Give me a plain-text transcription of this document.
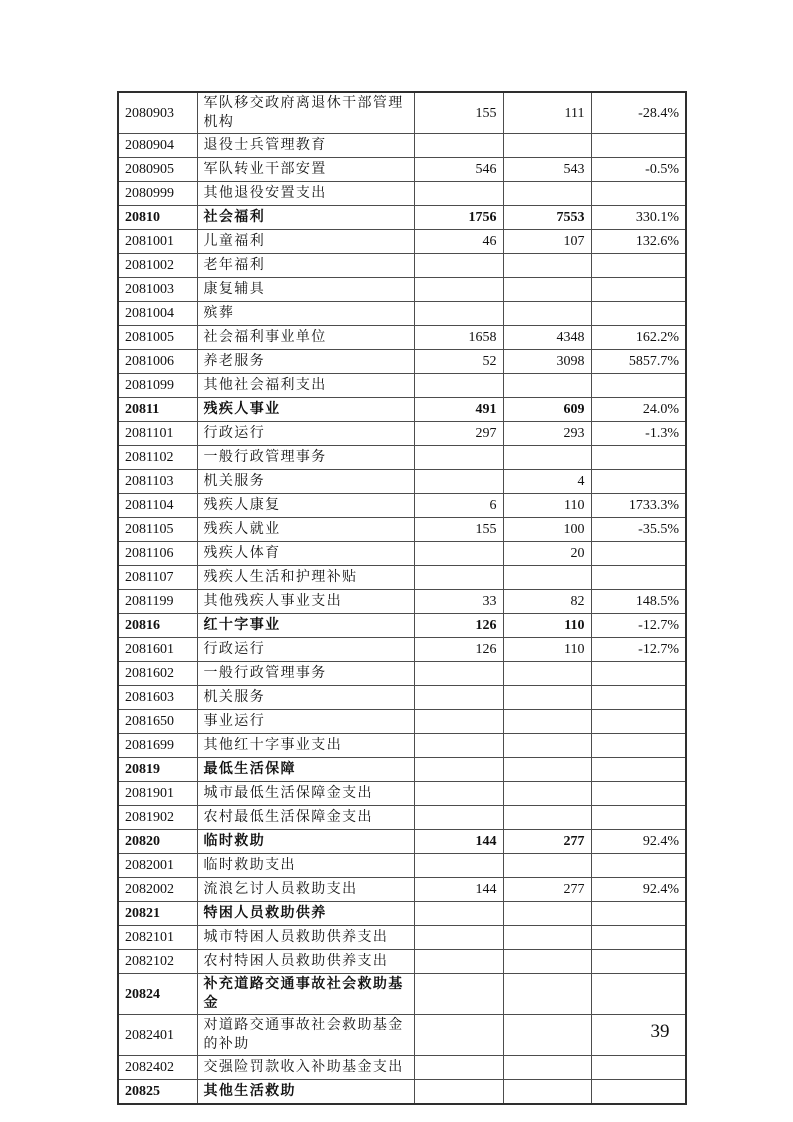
2080903	军队移交政府离退休干部管理机构	155	111	-28.4%
2080904	退役士兵管理教育			
2080905	军队转业干部安置	546	543	-0.5%
2080999	其他退役安置支出			
20810	社会福利	1756	7553	330.1%
2081001	儿童福利	46	107	132.6%
2081002	老年福利			
2081003	康复辅具			
2081004	殡葬			
2081005	社会福利事业单位	1658	4348	162.2%
2081006	养老服务	52	3098	5857.7%
2081099	其他社会福利支出			
20811	残疾人事业	491	609	24.0%
2081101	行政运行	297	293	-1.3%
2081102	一般行政管理事务			
2081103	机关服务		4	
2081104	残疾人康复	6	110	1733.3%
2081105	残疾人就业	155	100	-35.5%
2081106	残疾人体育		20	
2081107	残疾人生活和护理补贴			
2081199	其他残疾人事业支出	33	82	148.5%
20816	红十字事业	126	110	-12.7%
2081601	行政运行	126	110	-12.7%
2081602	一般行政管理事务			
2081603	机关服务			
2081650	事业运行			
2081699	其他红十字事业支出			
20819	最低生活保障			
2081901	城市最低生活保障金支出			
2081902	农村最低生活保障金支出			
20820	临时救助	144	277	92.4%
2082001	临时救助支出			
2082002	流浪乞讨人员救助支出	144	277	92.4%
20821	特困人员救助供养			
2082101	城市特困人员救助供养支出			
2082102	农村特困人员救助供养支出			
20824	补充道路交通事故社会救助基金			
2082401	对道路交通事故社会救助基金的补助			
2082402	交强险罚款收入补助基金支出			
20825	其他生活救助			
39
